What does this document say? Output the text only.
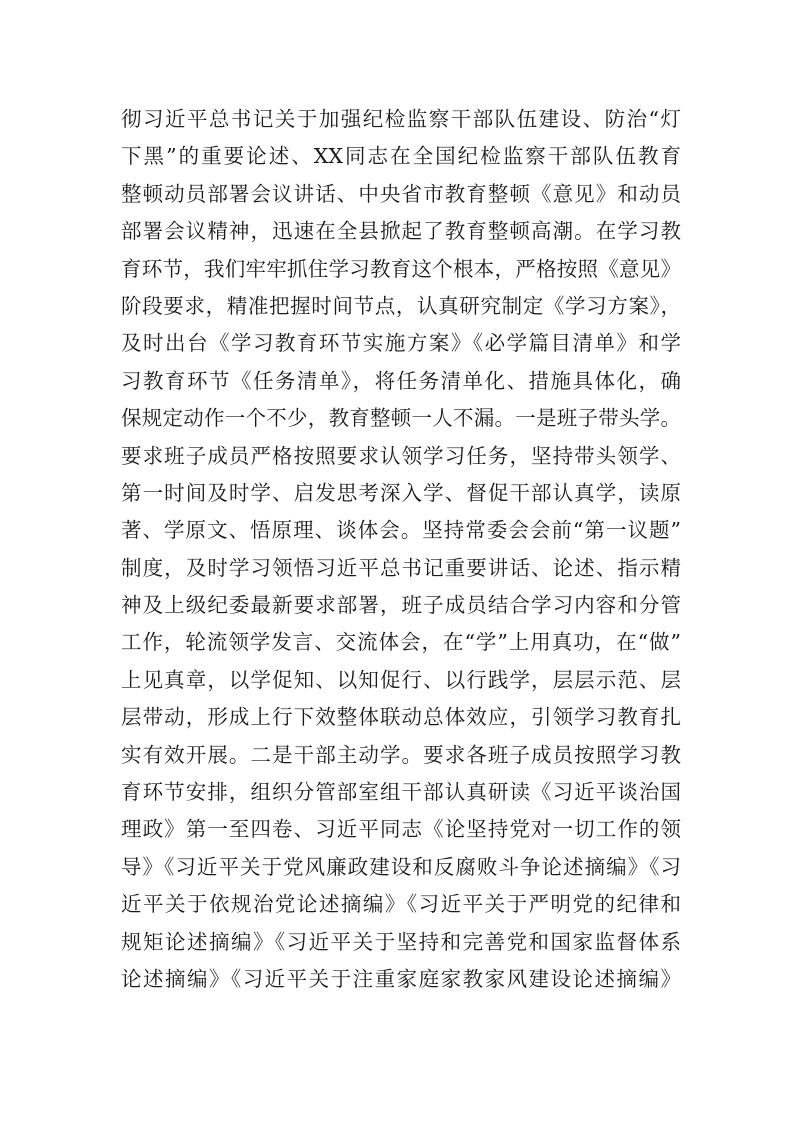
彻习近平总书记关于加强纪检监察干部队伍建设、防治“灯
下黑”的重要论述、XX同志在全国纪检监察干部队伍教育
整顿动员部署会议讲话、中央省市教育整顿《意见》和动员
部署会议精神，迅速在全县掀起了教育整顿高潮。在学习教
育环节，我们牢牢抓住学习教育这个根本，严格按照《意见》
阶段要求，精准把握时间节点，认真研究制定《学习方案》，
及时出台《学习教育环节实施方案》《必学篇目清单》和学
习教育环节《任务清单》，将任务清单化、措施具体化，确
保规定动作一个不少，教育整顿一人不漏。一是班子带头学。
要求班子成员严格按照要求认领学习任务，坚持带头领学、
第一时间及时学、启发思考深入学、督促干部认真学，读原
著、学原文、悟原理、谈体会。坚持常委会会前“第一议题”
制度，及时学习领悟习近平总书记重要讲话、论述、指示精
神及上级纪委最新要求部署，班子成员结合学习内容和分管
工作，轮流领学发言、交流体会，在“学”上用真功，在“做”
上见真章，以学促知、以知促行、以行践学，层层示范、层
层带动，形成上行下效整体联动总体效应，引领学习教育扎
实有效开展。二是干部主动学。要求各班子成员按照学习教
育环节安排，组织分管部室组干部认真研读《习近平谈治国
理政》第一至四卷、习近平同志《论坚持党对一切工作的领
导》《习近平关于党风廉政建设和反腐败斗争论述摘编》《习
近平关于依规治党论述摘编》《习近平关于严明党的纪律和
规矩论述摘编》《习近平关于坚持和完善党和国家监督体系
论述摘编》《习近平关于注重家庭家教家风建设论述摘编》
